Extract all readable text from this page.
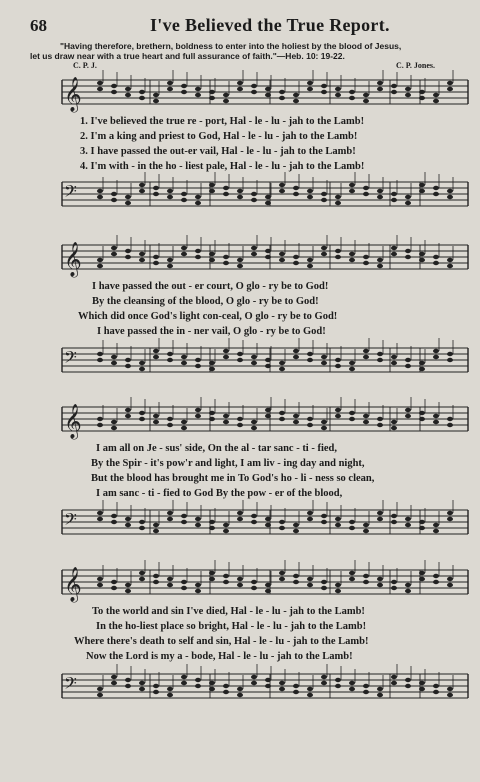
68	I've Believed the True Report.
"Having therefore, brethern, boldness to enter into the holiest by the blood of Jesus,
let us draw near with a true heart and full assurance of faith."—Heb. 10: 19-22.
C. P. J.	C. P. Jones.
𝄞
1. I've believed the true re - port, Hal - le - lu - jah to the Lamb!
2. I'm a king and priest to God, Hal - le - lu - jah to the Lamb!
3. I have passed the out-er vail, Hal - le - lu - jah to the Lamb!
4. I'm with - in the ho - liest pale, Hal - le - lu - jah to the Lamb!
𝄢
𝄞
I have passed the out - er court, O glo - ry be to God!
By the cleansing of the blood, O glo - ry be to God!
Which did once God's light con-ceal, O glo - ry be to God!
I have passed the in - ner vail, O glo - ry be to God!
𝄢
𝄞
I am all on Je - sus' side, On the al - tar sanc - ti - fied,
By the Spir - it's pow'r and light, I am liv - ing day and night,
But the blood has brought me in To God's ho - li - ness so clean,
I am sanc - ti - fied to God By the pow - er of the blood,
𝄢
𝄞
To the world and sin I've died, Hal - le - lu - jah to the Lamb!
In the ho-liest place so bright, Hal - le - lu - jah to the Lamb!
Where there's death to self and sin, Hal - le - lu - jah to the Lamb!
Now the Lord is my a - bode, Hal - le - lu - jah to the Lamb!
𝄢
